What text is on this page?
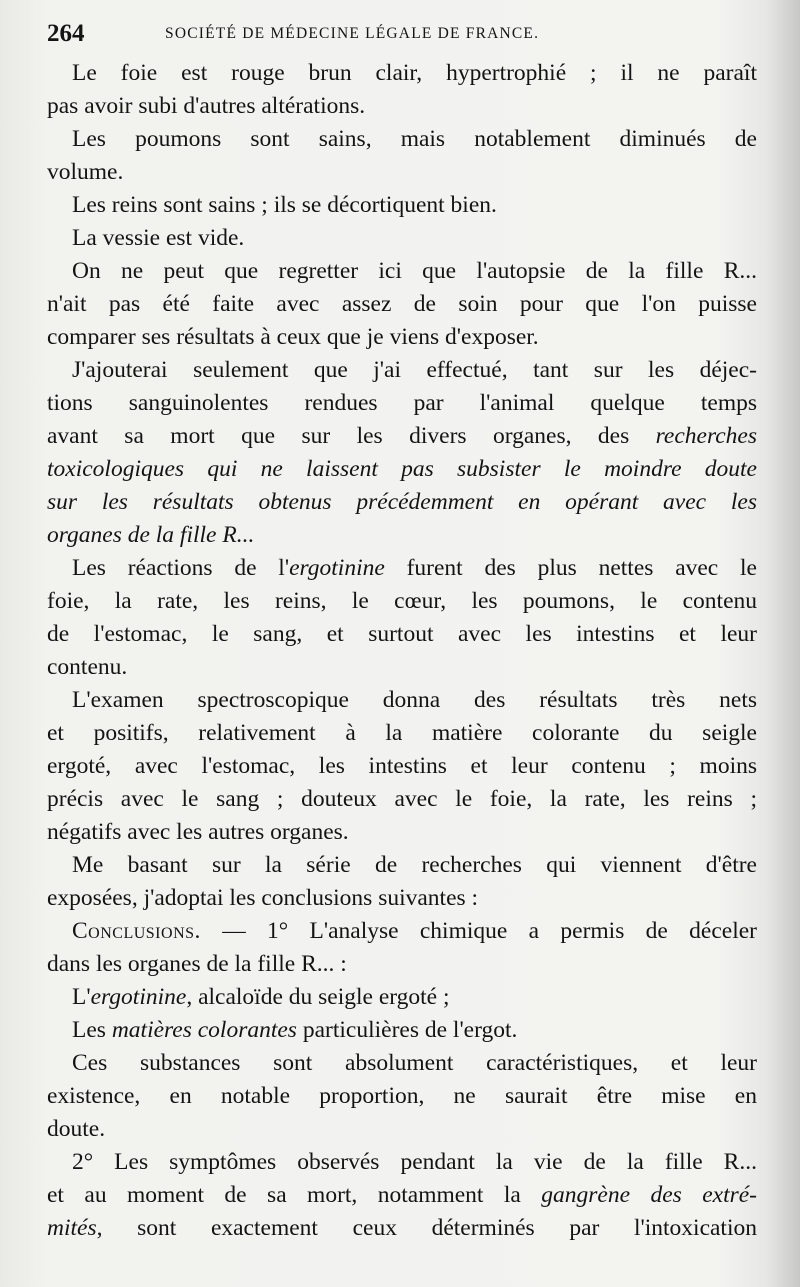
264	SOCIÉTÉ DE MÉDECINE LÉGALE DE FRANCE.
Le foie est rouge brun clair, hypertrophié ; il ne paraît
pas avoir subi d'autres altérations.
Les poumons sont sains, mais notablement diminués de
volume.
Les reins sont sains ; ils se décortiquent bien.
La vessie est vide.
On ne peut que regretter ici que l'autopsie de la fille R...
n'ait pas été faite avec assez de soin pour que l'on puisse
comparer ses résultats à ceux que je viens d'exposer.
J'ajouterai seulement que j'ai effectué, tant sur les déjec-
tions sanguinolentes rendues par l'animal quelque temps
avant sa mort que sur les divers organes, des recherches
toxicologiques qui ne laissent pas subsister le moindre doute
sur les résultats obtenus précédemment en opérant avec les
organes de la fille R...
Les réactions de l'ergotinine furent des plus nettes avec le
foie, la rate, les reins, le cœur, les poumons, le contenu
de l'estomac, le sang, et surtout avec les intestins et leur
contenu.
L'examen spectroscopique donna des résultats très nets
et positifs, relativement à la matière colorante du seigle
ergoté, avec l'estomac, les intestins et leur contenu ; moins
précis avec le sang ; douteux avec le foie, la rate, les reins ;
négatifs avec les autres organes.
Me basant sur la série de recherches qui viennent d'être
exposées, j'adoptai les conclusions suivantes :
Conclusions. — 1° L'analyse chimique a permis de déceler
dans les organes de la fille R... :
L'ergotinine, alcaloïde du seigle ergoté ;
Les matières colorantes particulières de l'ergot.
Ces substances sont absolument caractéristiques, et leur
existence, en notable proportion, ne saurait être mise en
doute.
2° Les symptômes observés pendant la vie de la fille R...
et au moment de sa mort, notamment la gangrène des extré-
mités, sont exactement ceux déterminés par l'intoxication
